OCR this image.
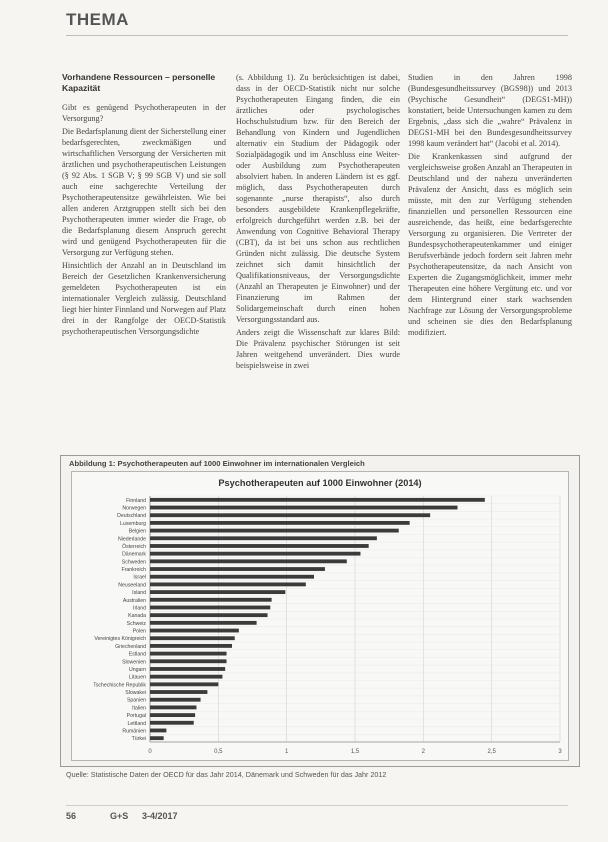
THEMA
Vorhandene Ressourcen – personelle Kapazität

Gibt es genügend Psychotherapeuten in der Versorgung?

Die Bedarfsplanung dient der Sicherstellung einer bedarfsgerechten, zweckmäßigen und wirtschaftlichen Versorgung der Versicherten mit ärztlichen und psychotherapeutischen Leistungen (§ 92 Abs. 1 SGB V; § 99 SGB V) und sie soll auch eine sachgerechte Verteilung der Psychotherapeutensitze gewährleisten. Wie bei allen anderen Arztgruppen stellt sich bei den Psychotherapeuten immer wieder die Frage, ob die Bedarfsplanung diesem Anspruch gerecht wird und genügend Psychotherapeuten für die Versorgung zur Verfügung stehen.

Hinsichtlich der Anzahl an in Deutschland im Bereich der Gesetzlichen Krankenversicherung gemeldeten Psychotherapeuten ist ein internationaler Vergleich zulässig. Deutschland liegt hier hinter Finnland und Norwegen auf Platz drei in der Rangfolge der OECD-Statistik psychotherapeutischen Versorgungsdichte

(s. Abbildung 1). Zu berücksichtigen ist dabei, dass in der OECD-Statistik nicht nur solche Psychotherapeuten Eingang finden, die ein ärztliches oder psychologisches Hochschulstudium bzw. für den Bereich der Behandlung von Kindern und Jugendlichen alternativ ein Studium der Pädagogik oder Sozialpädagogik und im Anschluss eine Weiter- oder Ausbildung zum Psychotherapeuten absolviert haben. In anderen Ländern ist es ggf. möglich, dass Psychotherapeuten durch sogenannte „nurse therapists“, also durch besonders ausgebildete Krankenpflegekräfte, erfolgreich durchgeführt werden z.B. bei der Anwendung von Cognitive Behavioral Therapy (CBT), da ist bei uns schon aus rechtlichen Gründen nicht zulässig. Die deutsche System zeichnet sich damit hinsichtlich der Qualifikationsniveaus, der Versorgungsdichte (Anzahl an Therapeuten je Einwohner) und der Finanzierung im Rahmen der Solidargemeinschaft durch einen hohen Versorgungsstandard aus.

Anders zeigt die Wissenschaft zur klares Bild: Die Prävalenz psychischer Störungen ist seit Jahren weitgehend unverändert. Dies wurde beispielsweise in zwei

Studien in den Jahren 1998 (Bundesgesundheitssurvey (BGS98)) und 2013 (Psychische Gesundheit“ (DEGS1-MH)) konstatiert, beide Untersuchungen kamen zu dem Ergebnis, „dass sich die „wahre“ Prävalenz in DEGS1-MH bei den Bundesgesundheitssurvey 1998 kaum verändert hat“ (Jacobi et al. 2014).

Die Krankenkassen sind aufgrund der vergleichsweise großen Anzahl an Therapeuten in Deutschland und der nahezu unveränderten Prävalenz der Ansicht, dass es möglich sein müsste, mit den zur Verfügung stehenden finanziellen und personellen Ressourcen eine ausreichende, das heißt, eine bedarfsgerechte Versorgung zu organisieren. Die Vertreter der Bundespsychotherapeutenkammer und einiger Berufsverbände jedoch fordern seit Jahren mehr Psychotherapeutensitze, da nach Ansicht von Experten die Zugangsmöglichkeit, immer mehr Therapeuten eine höhere Vergütung etc. und vor dem Hintergrund einer stark wachsenden Nachfrage zur Lösung der Versorgungsprobleme und scheinen sie dies den Bedarfsplanung modifiziert.

Abbildung 1: Psychotherapeuten auf 1000 Einwohner im internationalen Vergleich
0	0,5	1	1,5	2	2,5	3
Finnland
Norwegen
Deutschland
Luxemburg
Belgien
Niederlande
Österreich
Dänemark
Schweden
Frankreich
Israel
Neuseeland
Island
Australien
Irland
Kanada
Schweiz
Polen
Vereinigtes Königreich
Griechenland
Estland
Slowenien
Ungarn
Litauen
Tschechische Republik
Slowakei
Spanien
Italien
Portugal
Lettland
Rumänien
Türkei
Psychotherapeuten auf 1000 Einwohner (2014)
Quelle: Statistische Daten der OECD für das Jahr 2014, Dänemark und Schweden für das Jahr 2012
56	G+S 3-4/2017
